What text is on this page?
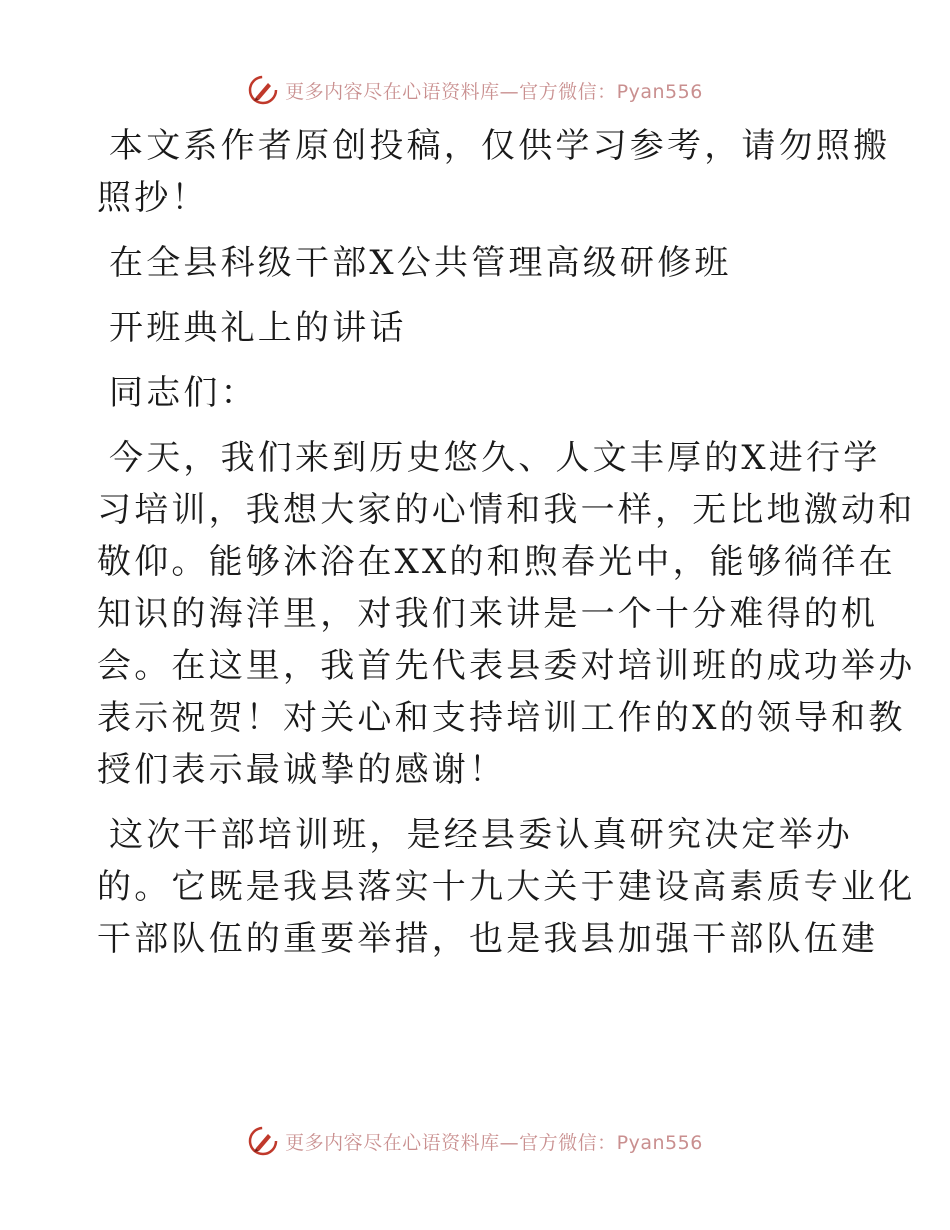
更多内容尽在心语资料库—官方微信：Pyan556

本文系作者原创投稿，仅供学习参考，请勿照搬
照抄！

在全县科级干部X公共管理高级研修班

开班典礼上的讲话

同志们：

今天，我们来到历史悠久、人文丰厚的X进行学
习培训，我想大家的心情和我一样，无比地激动和
敬仰。能够沐浴在XX的和煦春光中，能够徜徉在
知识的海洋里，对我们来讲是一个十分难得的机
会。在这里，我首先代表县委对培训班的成功举办
表示祝贺！对关心和支持培训工作的X的领导和教
授们表示最诚挚的感谢！

这次干部培训班，是经县委认真研究决定举办
的。它既是我县落实十九大关于建设高素质专业化
干部队伍的重要举措，也是我县加强干部队伍建

更多内容尽在心语资料库—官方微信：Pyan556
